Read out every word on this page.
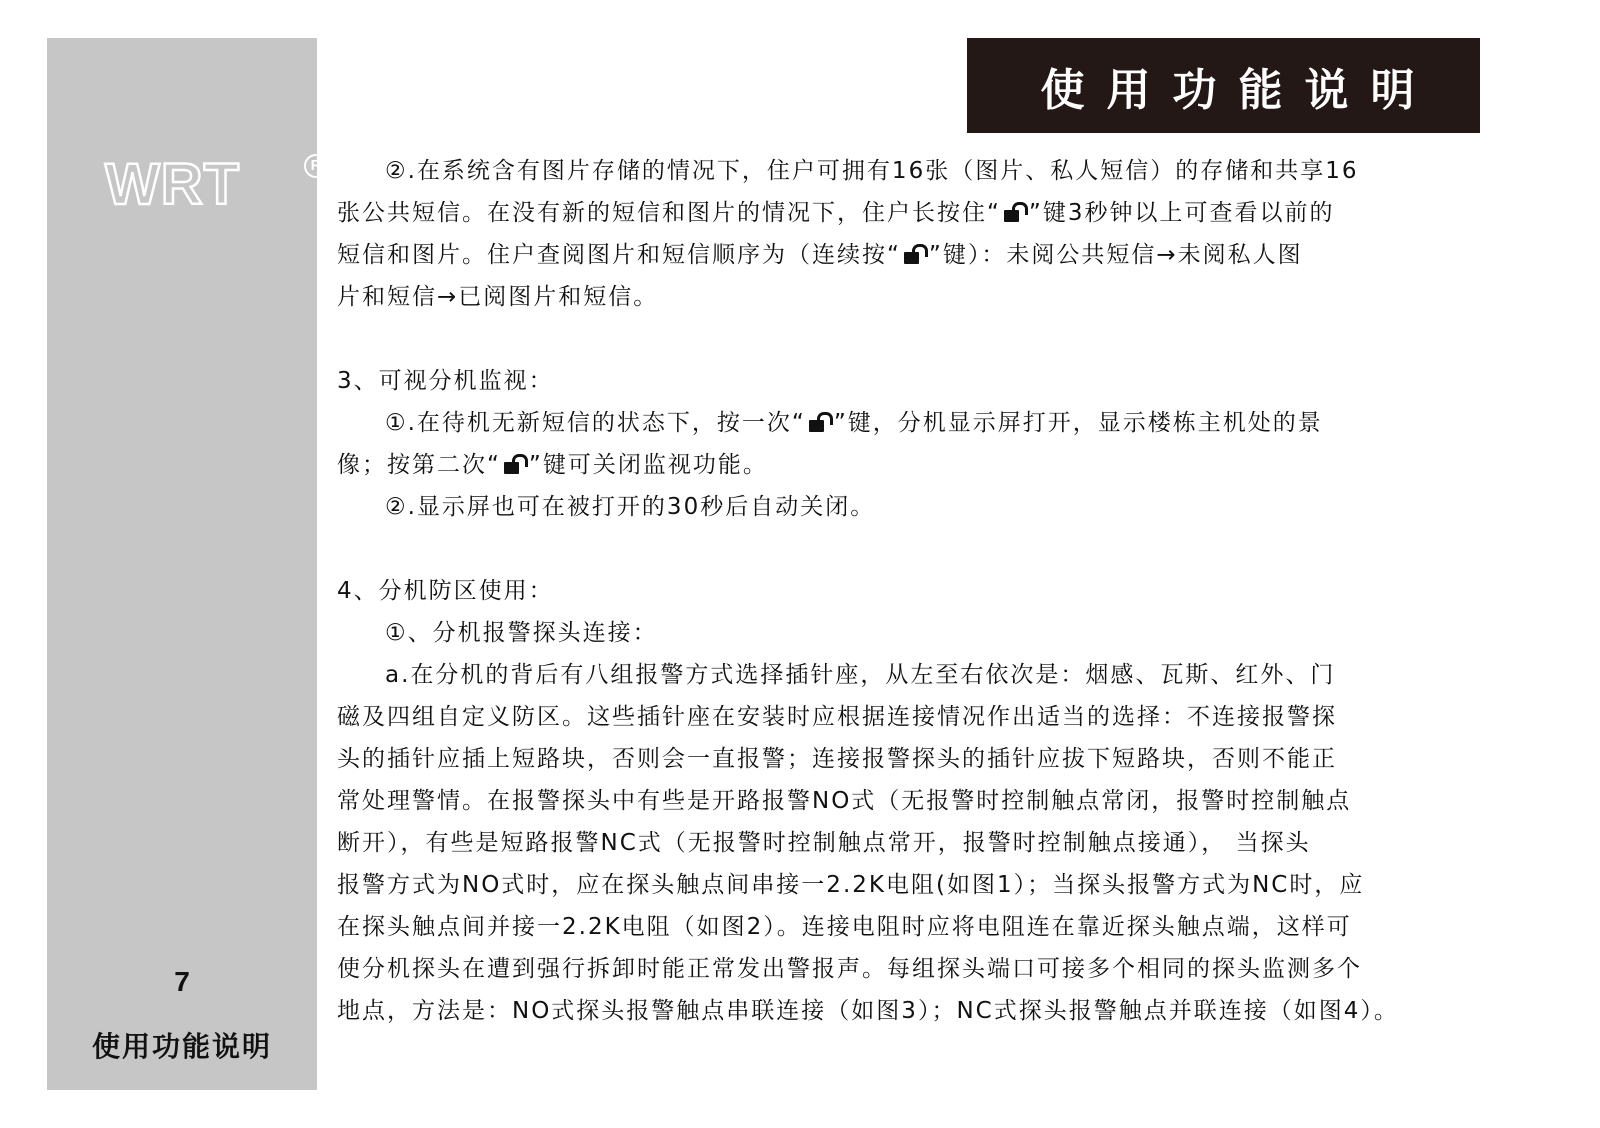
WRT	R
7
使用功能说明
使用功能说明

②.在系统含有图片存储的情况下，住户可拥有16张（图片、私人短信）的存储和共享16

张公共短信。在没有新的短信和图片的情况下，住户长按住“ ”键3秒钟以上可查看以前的

短信和图片。住户查阅图片和短信顺序为（连续按“ ”键）：未阅公共短信→未阅私人图

片和短信→已阅图片和短信。

3、可视分机监视：

①.在待机无新短信的状态下，按一次“ ”键，分机显示屏打开，显示楼栋主机处的景

像；按第二次“ ”键可关闭监视功能。

②.显示屏也可在被打开的30秒后自动关闭。

4、分机防区使用：

①、分机报警探头连接：

a.在分机的背后有八组报警方式选择插针座，从左至右依次是：烟感、瓦斯、红外、门

磁及四组自定义防区。这些插针座在安装时应根据连接情况作出适当的选择：不连接报警探

头的插针应插上短路块，否则会一直报警；连接报警探头的插针应拔下短路块，否则不能正

常处理警情。在报警探头中有些是开路报警NO式（无报警时控制触点常闭，报警时控制触点

断开），有些是短路报警NC式（无报警时控制触点常开，报警时控制触点接通）， 当探头

报警方式为NO式时，应在探头触点间串接一2.2K电阻(如图1）；当探头报警方式为NC时，应

在探头触点间并接一2.2K电阻（如图2）。连接电阻时应将电阻连在靠近探头触点端，这样可

使分机探头在遭到强行拆卸时能正常发出警报声。每组探头端口可接多个相同的探头监测多个

地点，方法是：NO式探头报警触点串联连接（如图3）；NC式探头报警触点并联连接（如图4）。
